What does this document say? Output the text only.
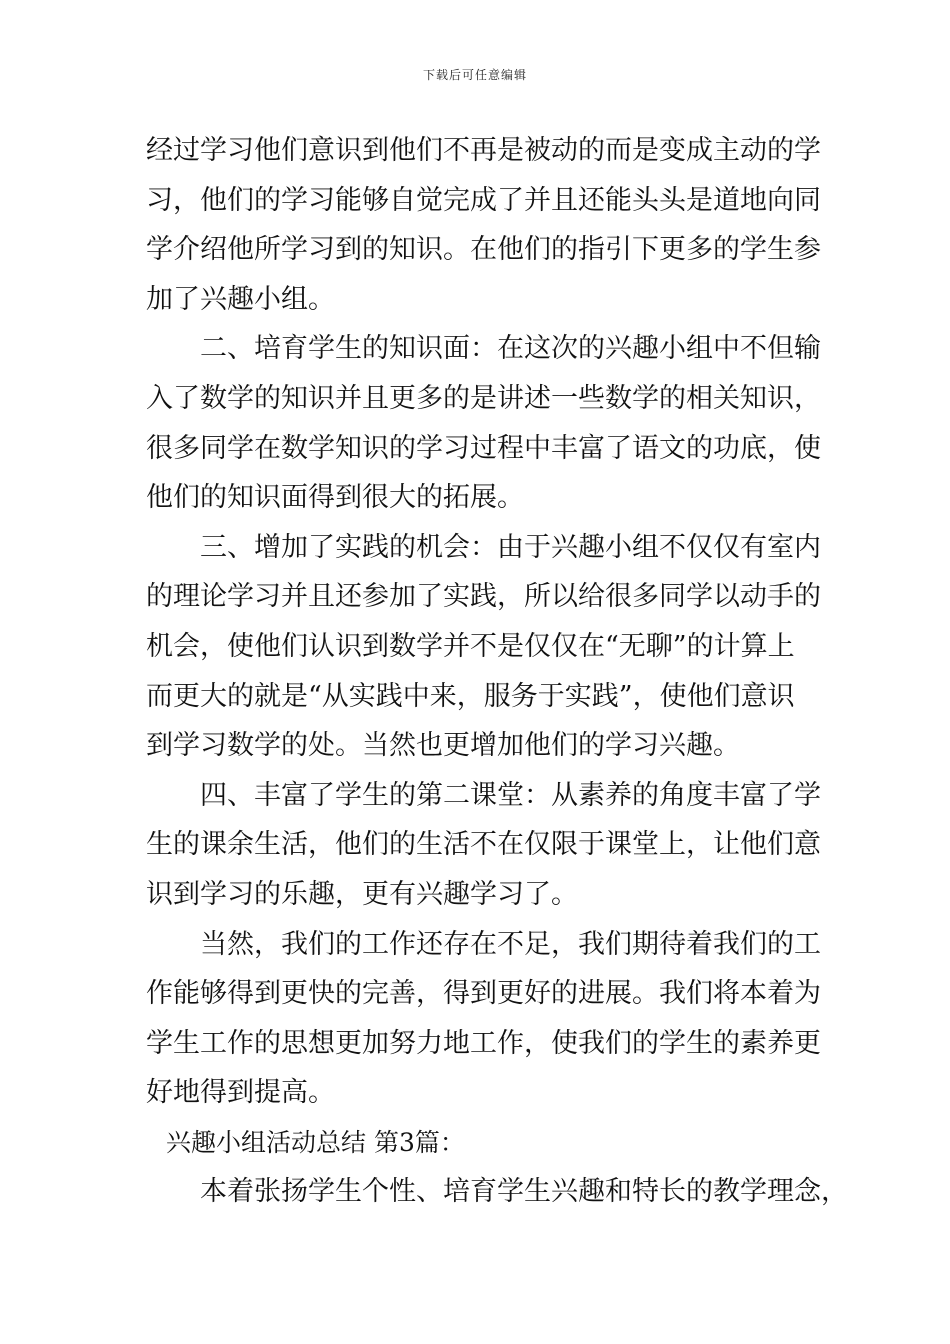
下载后可任意编辑
经过学习他们意识到他们不再是被动的而是变成主动的学
习，他们的学习能够自觉完成了并且还能头头是道地向同
学介绍他所学习到的知识。在他们的指引下更多的学生参
加了兴趣小组。
二、培育学生的知识面：在这次的兴趣小组中不但输
入了数学的知识并且更多的是讲述一些数学的相关知识，
很多同学在数学知识的学习过程中丰富了语文的功底，使
他们的知识面得到很大的拓展。
三、增加了实践的机会：由于兴趣小组不仅仅有室内
的理论学习并且还参加了实践，所以给很多同学以动手的
机会，使他们认识到数学并不是仅仅在“无聊”的计算上
而更大的就是“从实践中来，服务于实践”，使他们意识
到学习数学的处。当然也更增加他们的学习兴趣。
四、丰富了学生的第二课堂：从素养的角度丰富了学
生的课余生活，他们的生活不在仅限于课堂上，让他们意
识到学习的乐趣，更有兴趣学习了。
当然，我们的工作还存在不足，我们期待着我们的工
作能够得到更快的完善，得到更好的进展。我们将本着为
学生工作的思想更加努力地工作，使我们的学生的素养更
好地得到提高。
兴趣小组活动总结 第3篇：
本着张扬学生个性、培育学生兴趣和特长的教学理念，
